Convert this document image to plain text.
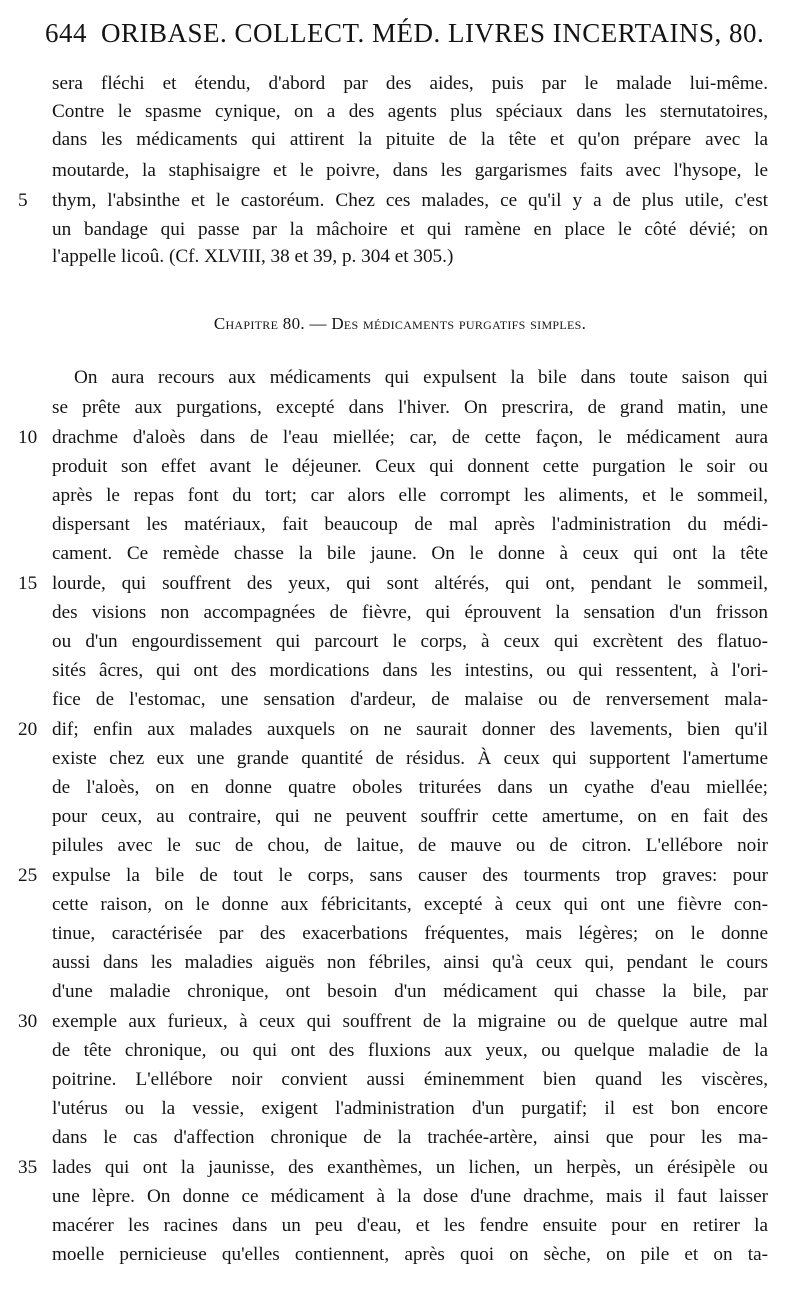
644 ORIBASE. COLLECT. MÉD. LIVRES INCERTAINS, 80.
sera fléchi et étendu, d'abord par des aides, puis par le malade lui-même.
Contre le spasme cynique, on a des agents plus spéciaux dans les sternutatoires,
dans les médicaments qui attirent la pituite de la tête et qu'on prépare avec la
moutarde, la staphisaigre et le poivre, dans les gargarismes faits avec l'hysope, le
thym, l'absinthe et le castoréum. Chez ces malades, ce qu'il y a de plus utile, c'est
un bandage qui passe par la mâchoire et qui ramène en place le côté dévié; on
l'appelle licoû. (Cf. XLVIII, 38 et 39, p. 304 et 305.)
Chapitre 80. — Des médicaments purgatifs simples.
On aura recours aux médicaments qui expulsent la bile dans toute saison qui
se prête aux purgations, excepté dans l'hiver. On prescrira, de grand matin, une
drachme d'aloès dans de l'eau miellée; car, de cette façon, le médicament aura
produit son effet avant le déjeuner. Ceux qui donnent cette purgation le soir ou
après le repas font du tort; car alors elle corrompt les aliments, et le sommeil,
dispersant les matériaux, fait beaucoup de mal après l'administration du médi-
cament. Ce remède chasse la bile jaune. On le donne à ceux qui ont la tête
lourde, qui souffrent des yeux, qui sont altérés, qui ont, pendant le sommeil,
des visions non accompagnées de fièvre, qui éprouvent la sensation d'un frisson
ou d'un engourdissement qui parcourt le corps, à ceux qui excrètent des flatuo-
sités âcres, qui ont des mordications dans les intestins, ou qui ressentent, à l'ori-
fice de l'estomac, une sensation d'ardeur, de malaise ou de renversement mala-
dif; enfin aux malades auxquels on ne saurait donner des lavements, bien qu'il
existe chez eux une grande quantité de résidus. À ceux qui supportent l'amertume
de l'aloès, on en donne quatre oboles triturées dans un cyathe d'eau miellée;
pour ceux, au contraire, qui ne peuvent souffrir cette amertume, on en fait des
pilules avec le suc de chou, de laitue, de mauve ou de citron. L'ellébore noir
expulse la bile de tout le corps, sans causer des tourments trop graves: pour
cette raison, on le donne aux fébricitants, excepté à ceux qui ont une fièvre con-
tinue, caractérisée par des exacerbations fréquentes, mais légères; on le donne
aussi dans les maladies aiguës non fébriles, ainsi qu'à ceux qui, pendant le cours
d'une maladie chronique, ont besoin d'un médicament qui chasse la bile, par
exemple aux furieux, à ceux qui souffrent de la migraine ou de quelque autre mal
de tête chronique, ou qui ont des fluxions aux yeux, ou quelque maladie de la
poitrine. L'ellébore noir convient aussi éminemment bien quand les viscères,
l'utérus ou la vessie, exigent l'administration d'un purgatif; il est bon encore
dans le cas d'affection chronique de la trachée-artère, ainsi que pour les ma-
lades qui ont la jaunisse, des exanthèmes, un lichen, un herpès, un érésipèle ou
une lèpre. On donne ce médicament à la dose d'une drachme, mais il faut laisser
macérer les racines dans un peu d'eau, et les fendre ensuite pour en retirer la
moelle pernicieuse qu'elles contiennent, après quoi on sèche, on pile et on ta-
5
10
15
20
25
30
35
